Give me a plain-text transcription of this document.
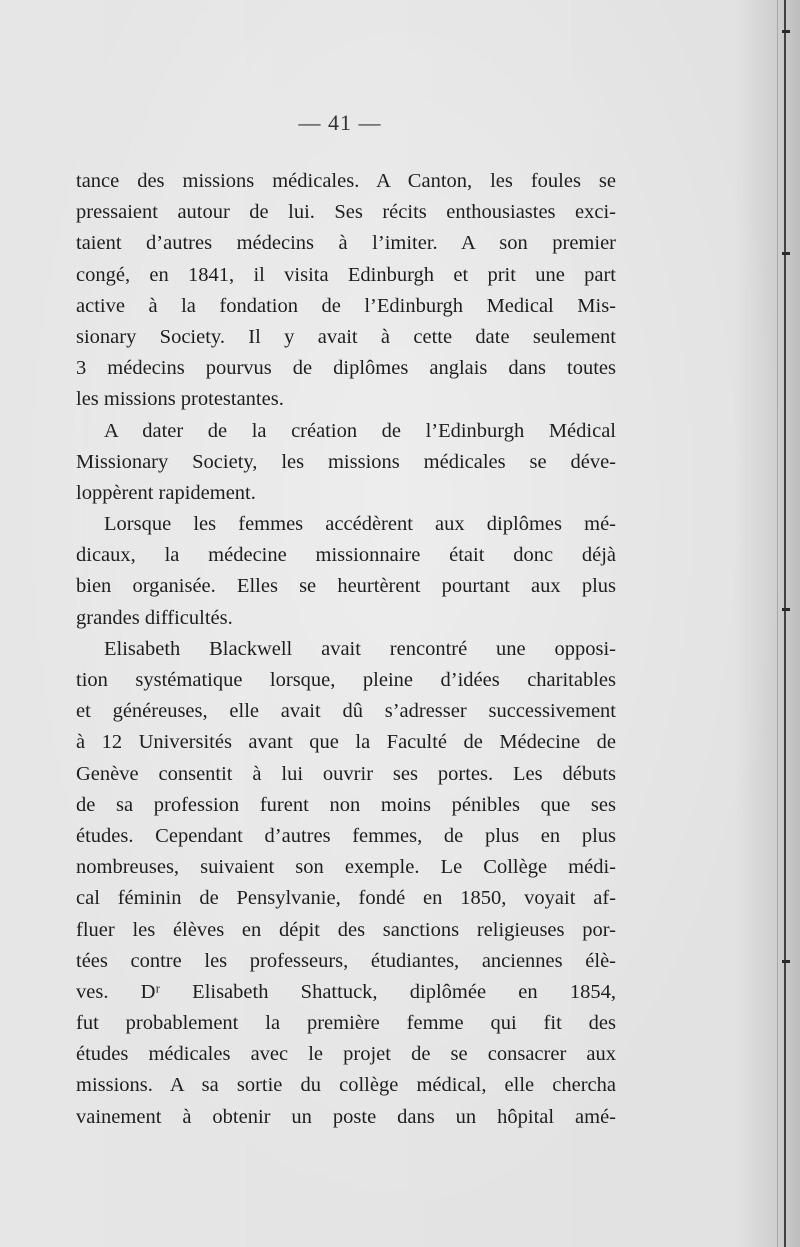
— 41 —
tance des missions médicales. A Canton, les foules se
pressaient autour de lui. Ses récits enthousiastes exci-
taient d’autres médecins à l’imiter. A son premier
congé, en 1841, il visita Edinburgh et prit une part
active à la fondation de l’Edinburgh Medical Mis-
sionary Society. Il y avait à cette date seulement
3 médecins pourvus de diplômes anglais dans toutes
les missions protestantes.
A dater de la création de l’Edinburgh Médical
Missionary Society, les missions médicales se déve-
loppèrent rapidement.
Lorsque les femmes accédèrent aux diplômes mé-
dicaux, la médecine missionnaire était donc déjà
bien organisée. Elles se heurtèrent pourtant aux plus
grandes difficultés.
Elisabeth Blackwell avait rencontré une opposi-
tion systématique lorsque, pleine d’idées charitables
et généreuses, elle avait dû s’adresser successivement
à 12 Universités avant que la Faculté de Médecine de
Genève consentit à lui ouvrir ses portes. Les débuts
de sa profession furent non moins pénibles que ses
études. Cependant d’autres femmes, de plus en plus
nombreuses, suivaient son exemple. Le Collège médi-
cal féminin de Pensylvanie, fondé en 1850, voyait af-
fluer les élèves en dépit des sanctions religieuses por-
tées contre les professeurs, étudiantes, anciennes élè-
ves. Dʳ Elisabeth Shattuck, diplômée en 1854,
fut probablement la première femme qui fit des
études médicales avec le projet de se consacrer aux
missions. A sa sortie du collège médical, elle chercha
vainement à obtenir un poste dans un hôpital amé-
